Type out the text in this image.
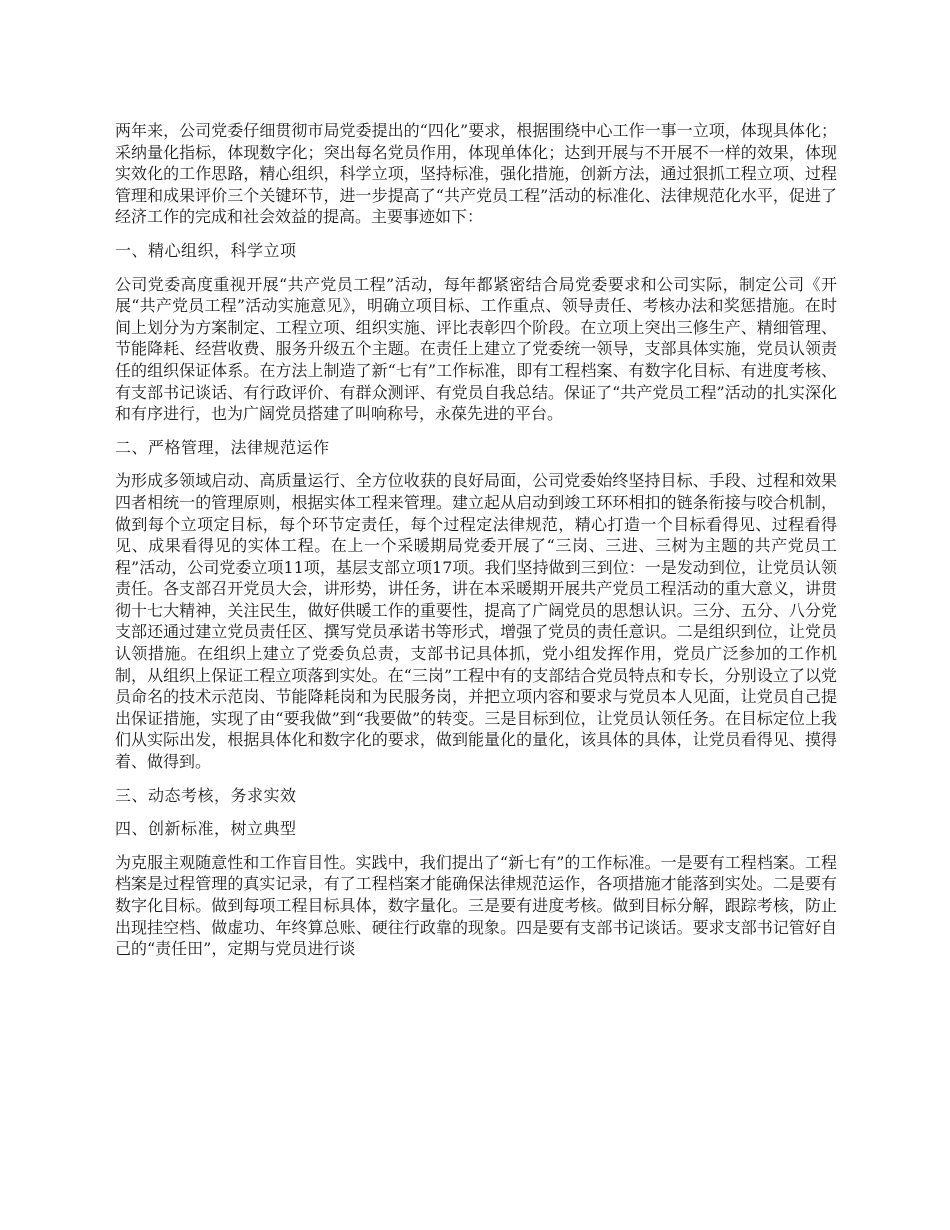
两年来，公司党委仔细贯彻市局党委提出的“四化”要求，根据围绕中心工作一事一立项，体现具体化；采纳量化指标，体现数字化；突出每名党员作用，体现单体化；达到开展与不开展不一样的效果，体现实效化的工作思路，精心组织，科学立项，坚持标准，强化措施，创新方法，通过狠抓工程立项、过程管理和成果评价三个关键环节，进一步提高了“共产党员工程”活动的标准化、法律规范化水平，促进了经济工作的完成和社会效益的提高。主要事迹如下：

一、精心组织，科学立项

公司党委高度重视开展“共产党员工程”活动，每年都紧密结合局党委要求和公司实际，制定公司《开展“共产党员工程”活动实施意见》，明确立项目标、工作重点、领导责任、考核办法和奖惩措施。在时间上划分为方案制定、工程立项、组织实施、评比表彰四个阶段。在立项上突出三修生产、精细管理、节能降耗、经营收费、服务升级五个主题。在责任上建立了党委统一领导，支部具体实施，党员认领责任的组织保证体系。在方法上制造了新“七有”工作标准，即有工程档案、有数字化目标、有进度考核、有支部书记谈话、有行政评价、有群众测评、有党员自我总结。保证了“共产党员工程”活动的扎实深化和有序进行，也为广阔党员搭建了叫响称号，永葆先进的平台。

二、严格管理，法律规范运作

为形成多领域启动、高质量运行、全方位收获的良好局面，公司党委始终坚持目标、手段、过程和效果四者相统一的管理原则，根据实体工程来管理。建立起从启动到竣工环环相扣的链条衔接与咬合机制，做到每个立项定目标，每个环节定责任，每个过程定法律规范，精心打造一个目标看得见、过程看得见、成果看得见的实体工程。在上一个采暖期局党委开展了“三岗、三进、三树为主题的共产党员工程”活动，公司党委立项11项，基层支部立项17项。我们坚持做到三到位：一是发动到位，让党员认领责任。各支部召开党员大会，讲形势，讲任务，讲在本采暖期开展共产党员工程活动的重大意义，讲贯彻十七大精神，关注民生，做好供暖工作的重要性，提高了广阔党员的思想认识。三分、五分、八分党支部还通过建立党员责任区、撰写党员承诺书等形式，增强了党员的责任意识。二是组织到位，让党员认领措施。在组织上建立了党委负总责，支部书记具体抓，党小组发挥作用，党员广泛参加的工作机制，从组织上保证工程立项落到实处。在“三岗”工程中有的支部结合党员特点和专长，分别设立了以党员命名的技术示范岗、节能降耗岗和为民服务岗，并把立项内容和要求与党员本人见面，让党员自己提出保证措施，实现了由“要我做”到“我要做”的转变。三是目标到位，让党员认领任务。在目标定位上我们从实际出发，根据具体化和数字化的要求，做到能量化的量化，该具体的具体，让党员看得见、摸得着、做得到。

三、动态考核，务求实效

四、创新标准，树立典型

为克服主观随意性和工作盲目性。实践中，我们提出了“新七有”的工作标准。一是要有工程档案。工程档案是过程管理的真实记录，有了工程档案才能确保法律规范运作，各项措施才能落到实处。二是要有数字化目标。做到每项工程目标具体，数字量化。三是要有进度考核。做到目标分解，跟踪考核，防止出现挂空档、做虚功、年终算总账、硬往行政靠的现象。四是要有支部书记谈话。要求支部书记管好自己的“责任田”，定期与党员进行谈
